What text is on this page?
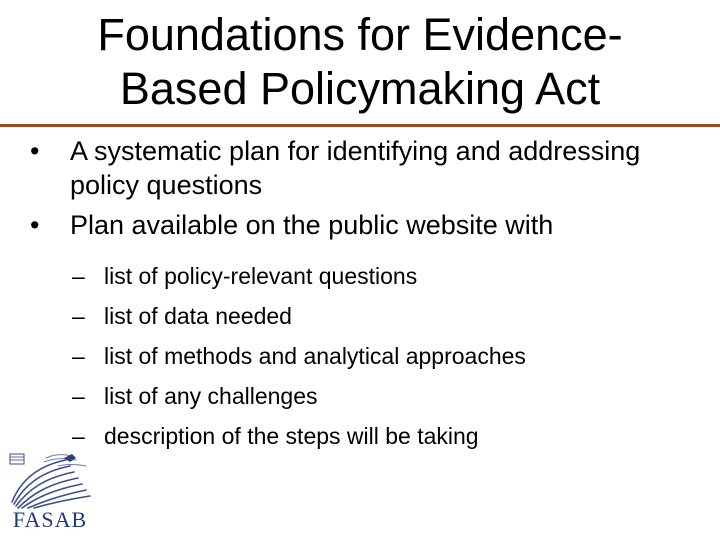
Foundations for Evidence-
Based Policymaking Act
• A systematic plan for identifying and addressing policy questions
• Plan available on the public website with
– list of policy-relevant questions
– list of data needed
– list of methods and analytical approaches
– list of any challenges
– description of the steps will be taking
FASAB
